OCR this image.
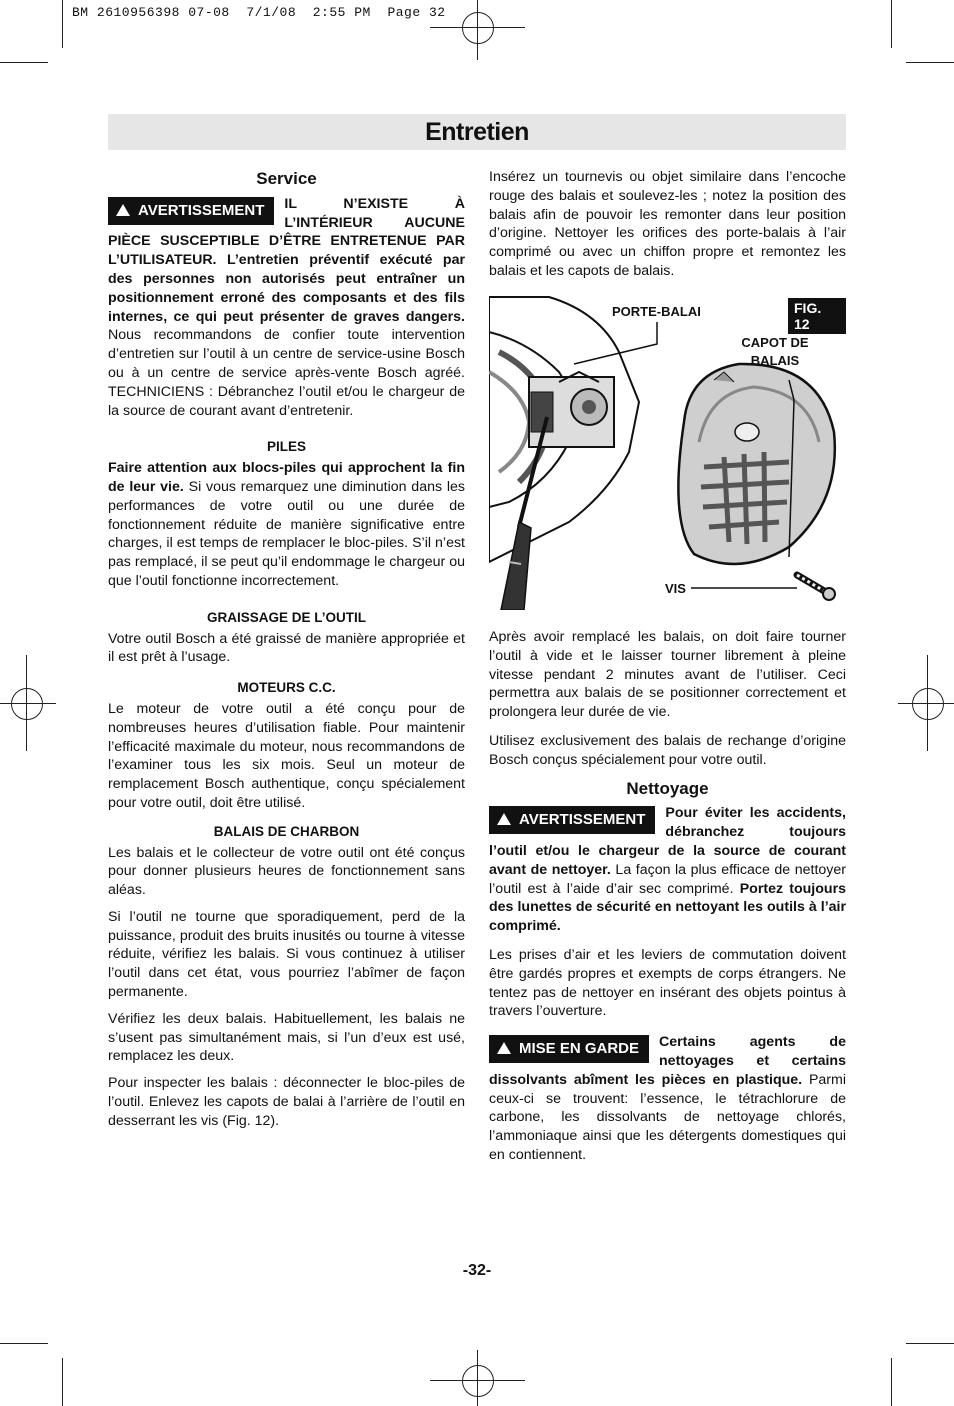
BM 2610956398 07-08  7/1/08  2:55 PM  Page 32
Entretien
Service

AVERTISSEMENT	IL N’EXISTE À L’INTÉRIEUR AUCUNE PIÈCE SUSCEPTIBLE D’ÊTRE ENTRETENUE PAR L’UTILISATEUR. L’entretien préventif exécuté par des personnes non autorisés peut entraîner un positionnement erroné des composants et des fils internes, ce qui peut présenter de graves dangers. Nous recommandons de confier toute intervention d’entretien sur l’outil à un centre de service-usine Bosch ou à un centre de service après-vente Bosch agréé. TECHNICIENS : Débranchez l’outil et/ou le chargeur de la source de courant avant d’entretenir.

PILES

Faire attention aux blocs-piles qui approchent la fin de leur vie. Si vous remarquez une diminution dans les performances de votre outil ou une durée de fonctionnement réduite de manière significative entre charges, il est temps de remplacer le bloc-piles. S’il n’est pas remplacé, il se peut qu’il endommage le chargeur ou que l’outil fonctionne incorrectement.

GRAISSAGE DE L’OUTIL

Votre outil Bosch a été graissé de manière appropriée et il est prêt à l’usage.

MOTEURS C.C.

Le moteur de votre outil a été conçu pour de nombreuses heures d’utilisation fiable. Pour maintenir l’efficacité maximale du moteur, nous recommandons de l’examiner tous les six mois. Seul un moteur de remplacement Bosch authentique, conçu spécialement pour votre outil, doit être utilisé.

BALAIS DE CHARBON

Les balais et le collecteur de votre outil ont été conçus pour donner plusieurs heures de fonctionnement sans aléas.

Si l’outil ne tourne que sporadiquement, perd de la puissance, produit des bruits inusités ou tourne à vitesse réduite, vérifiez les balais. Si vous continuez à utiliser l’outil dans cet état, vous pourriez l’abîmer de façon permanente.

Vérifiez les deux balais. Habituellement, les balais ne s’usent pas simultanément mais, si l’un d’eux est usé, remplacez les deux.

Pour inspecter les balais : déconnecter le bloc-piles de l’outil. Enlevez les capots de balai à l’arrière de l’outil en desserrant les vis (Fig. 12).

Insérez un tournevis ou objet similaire dans l’encoche rouge des balais et soulevez-les ; notez la position des balais afin de pouvoir les remonter dans leur position d’origine. Nettoyer les orifices des porte-balais à l’air comprimé ou avec un chiffon propre et remontez les balais et les capots de balais.

FIG. 12
PORTE-BALAI
CAPOT DE
BALAIS
VIS

Après avoir remplacé les balais, on doit faire tourner l’outil à vide et le laisser tourner librement à pleine vitesse pendant 2 minutes avant de l’utiliser. Ceci permettra aux balais de se positionner correctement et prolongera leur durée de vie.

Utilisez exclusivement des balais de rechange d’origine Bosch conçus spécialement pour votre outil.

Nettoyage

AVERTISSEMENT	Pour éviter les accidents, débranchez toujours l’outil et/ou le chargeur de la source de courant avant de nettoyer. La façon la plus efficace de nettoyer l’outil est à l’aide d’air sec comprimé. Portez toujours des lunettes de sécurité en nettoyant les outils à l’air comprimé.

Les prises d’air et les leviers de commutation doivent être gardés propres et exempts de corps étrangers. Ne tentez pas de nettoyer en insérant des objets pointus à travers l’ouverture.

MISE EN GARDE	Certains agents de nettoyages et certains dissolvants abîment les pièces en plastique. Parmi ceux-ci se trouvent: l’essence, le tétrachlorure de carbone, les dissolvants de nettoyage chlorés, l’ammoniaque ainsi que les détergents domestiques qui en contiennent.

-32-
